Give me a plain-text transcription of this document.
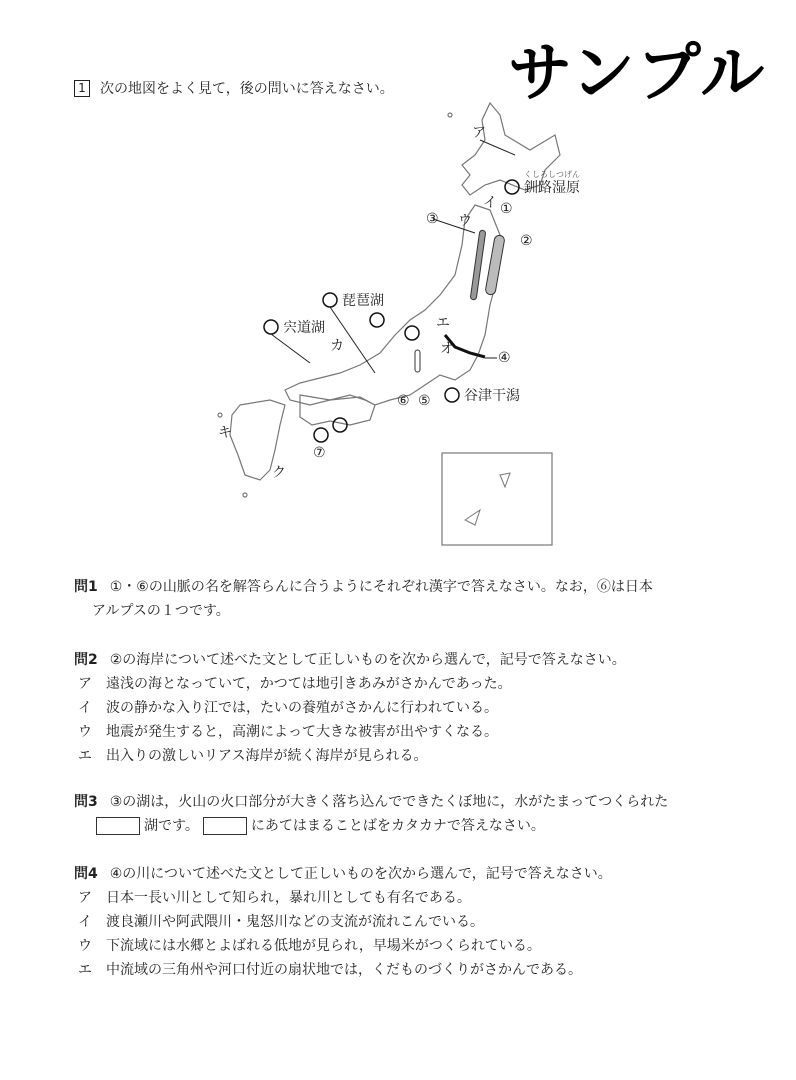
サンプル
1 次の地図をよく見て，後の問いに答えなさい。
ア
イ
ウ
エ
オ
カ
キ
ク
①
②
③
④
⑤
⑥
⑦
釧路湿原
くしろしつげん
谷津干潟
琵琶湖
宍道湖
問1 ①・⑥の山脈の名を解答らんに合うようにそれぞれ漢字で答えなさい。なお，⑥は日本
アルプスの１つです。
問2 ②の海岸について述べた文として正しいものを次から選んで，記号で答えなさい。
ア	遠浅の海となっていて，かつては地引きあみがさかんであった。
イ	波の静かな入り江では，たいの養殖がさかんに行われている。
ウ	地震が発生すると，高潮によって大きな被害が出やすくなる。
エ	出入りの激しいリアス海岸が続く海岸が見られる。
問3 ③の湖は，火山の火口部分が大きく落ち込んでできたくぼ地に，水がたまってつくられた
湖です。	にあてはまることばをカタカナで答えなさい。
問4 ④の川について述べた文として正しいものを次から選んで，記号で答えなさい。
ア	日本一長い川として知られ，暴れ川としても有名である。
イ	渡良瀬川や阿武隈川・鬼怒川などの支流が流れこんでいる。
ウ	下流域には水郷とよばれる低地が見られ，早場米がつくられている。
エ	中流域の三角州や河口付近の扇状地では，くだものづくりがさかんである。
